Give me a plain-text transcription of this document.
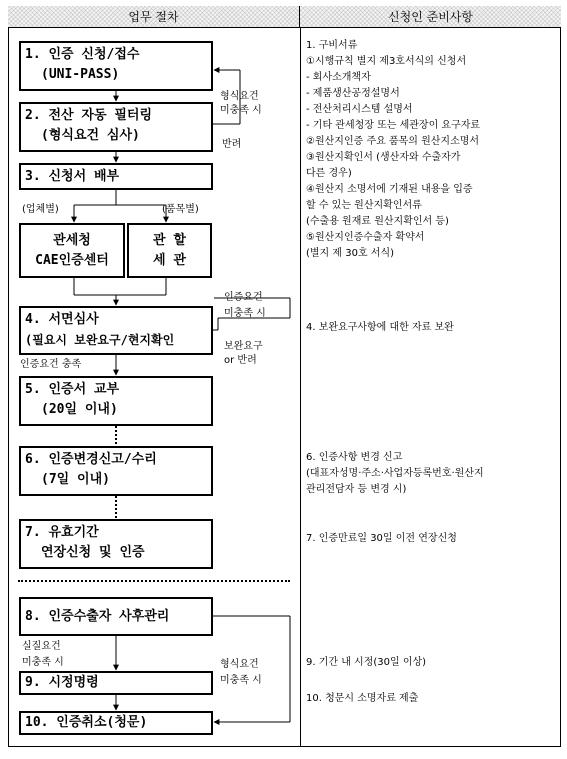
업무 절차	신청인 준비사항
1. 인증 신청/접수
(UNI-PASS)
2. 전산 자동 필터링
(형식요건 심사)
3. 신청서 배부
관세청
CAE인증센터
관 할
세 관
4. 서면심사
(필요시 보완요구/현지확인
5. 인증서 교부
(20일 이내)
6. 인증변경신고/수리
(7일 이내)
7. 유효기간
연장신청 및 인증
8. 인증수출자 사후관리
9. 시정명령
10. 인증취소(청문)
형식요건
미충족 시
반려
(업체별)	(품목별)
인증요건
미충족 시
보완요구
or 반려
인증요건 충족
실질요건
미충족 시	형식요건
미충족 시
1. 구비서류
①시행규칙 별지 제3호서식의 신청서
- 회사소개책자
- 제품생산공정설명서
- 전산처리시스템 설명서
- 기타 관세청장 또는 세관장이 요구자료
②원산지인증 주요 품목의 원산지소명서
③원산지확인서 (생산자와 수출자가
다른 경우)
④원산지 소명서에 기재된 내용을 입증
할 수 있는 원산지확인서류
(수출용 원재료 원산지확인서 등)
⑤원산지인증수출자 확약서
(별지 제 30호 서식)
4. 보완요구사항에 대한 자료 보완
6. 인증사항 변경 신고
(대표자성명·주소·사업자등록번호·원산지
관리전담자 등 변경 시)
7. 인증만료일 30일 이전 연장신청
9. 기간 내 시정(30일 이상)
10. 청문시 소명자료 제출
